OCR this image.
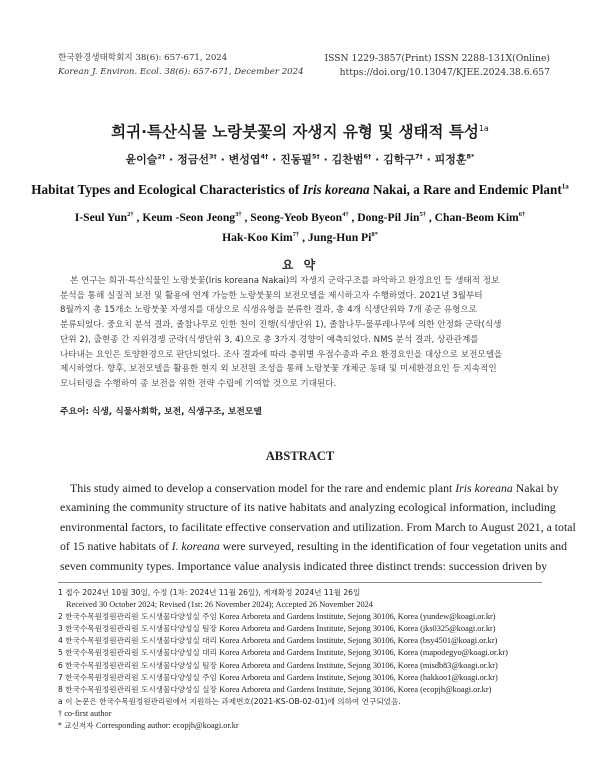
한국환경생태학회지 38(6): 657-671, 2024
Korean J. Environ. Ecol. 38(6): 657-671, December 2024
ISSN 1229-3857(Print) ISSN 2288-131X(Online)
https://doi.org/10.13047/KJEE.2024.38.6.657
희귀·특산식물 노랑붓꽃의 자생지 유형 및 생태적 특성$^{1a}$
윤이슬$^{2\dagger}$ · 정금선$^{3\dagger}$ · 변성엽$^{4\dagger}$ · 진동필$^{5\dagger}$ · 김찬범$^{6\dagger}$ · 김학구$^{7\dagger}$ · 피정훈$^{8*}$
Habitat Types and Ecological Characteristics of Iris koreana Nakai, a Rare and Endemic Plant$^{1a}$
I-Seul Yun$^{2\dagger}$ , Keum -Seon Jeong$^{3\dagger}$ , Seong-Yeob Byeon$^{4\dagger}$ , Dong-Pil Jin$^{5\dagger}$ , Chan-Beom Kim$^{6\dagger}$
Hak-Koo Kim$^{7\dagger}$ , Jung-Hun $Pi^{8*}$
요 약
본 연구는 희귀·특산식물인 노랑붓꽃(Iris koreana Nakai)의 자생지 군락구조를 파악하고 환경요인 등 생태적 정보
분석을 통해 실질적 보전 및 활용에 연계 가능한 노랑붓꽃의 보전모델을 제시하고자 수행하였다. 2021년 3월부터
8월까지 총 15개소 노랑붓꽃 자생지를 대상으로 식생유형을 분류한 결과, 총 4개 식생단위와 7개 종군 유형으로
분류되었다. 중요치 분석 결과, 졸참나무로 인한 천이 진행(식생단위 1), 졸참나무-물푸레나무에 의한 안정화 군락(식생
단위 2), 출현종 간 지위경쟁 군락(식생단위 3, 4)으로 총 3가지 경향이 예측되었다. NMS 분석 결과, 상관관계를
나타내는 요인은 토양환경으로 판단되었다. 조사 결과에 따라 층위별 우점수종과 주요 환경요인을 대상으로 보전모델을
제시하였다. 향후, 보전모델을 활용한 현지 외 보전원 조성을 통해 노랑붓꽃 개체군 동태 및 미세환경요인 등 지속적인
모니터링을 수행하여 종 보전을 위한 전략 수립에 기여할 것으로 기대된다.
주요어: 식생, 식물사회학, 보전, 식생구조, 보전모델
ABSTRACT
This study aimed to develop a conservation model for the rare and endemic plant Iris koreana Nakai by
examining the community structure of its native habitats and analyzing ecological information, including
environmental factors, to facilitate effective conservation and utilization. From March to August 2021, a total
of 15 native habitats of I. koreana were surveyed, resulting in the identification of four vegetation units and
seven community types. Importance value analysis indicated three distinct trends: succession driven by
1 접수 2024년 10월 30일, 수정 (1차: 2024년 11월 26일), 게재확정 2024년 11월 26일
Received 30 October 2024; Revised (1st: 26 November 2024); Accepted 26 November 2024
2 한국수목원정원관리원 도시생물다양성실 주임 Korea Arboreta and Gardens Institute, Sejong 30106, Korea (yundew@koagi.or.kr)
3 한국수목원정원관리원 도시생물다양성실 팀장 Korea Arboreta and Gardens Institute, Sejong 30106, Korea (jks0325@koagi.or.kr)
4 한국수목원정원관리원 도시생물다양성실 대리 Korea Arboreta and Gardens Institute, Sejong 30106, Korea (bsy4501@koagi.or.kr)
5 한국수목원정원관리원 도시생물다양성실 대리 Korea Arboreta and Gardens Institute, Sejong 30106, Korea (mapodegyo@koagi.or.kr)
6 한국수목원정원관리원 도시생물다양성실 팀장 Korea Arboreta and Gardens Institute, Sejong 30106, Korea (misdb83@koagi.or.kr)
7 한국수목원정원관리원 도시생물다양성실 주임 Korea Arboreta and Gardens Institute, Sejong 30106, Korea (hakkoo1@koagi.or.kr)
8 한국수목원정원관리원 도시생물다양성실 실장 Korea Arboreta and Gardens Institute, Sejong 30106, Korea (ecopjh@koagi.or.kr)
a 이 논문은 한국수목원정원관리원에서 지원하는 과제번호(2021-KS-OB-02-01)에 의하여 연구되었음.
† co-first author
* 교신저자 Corresponding author: ecopjh@koagi.or.kr
